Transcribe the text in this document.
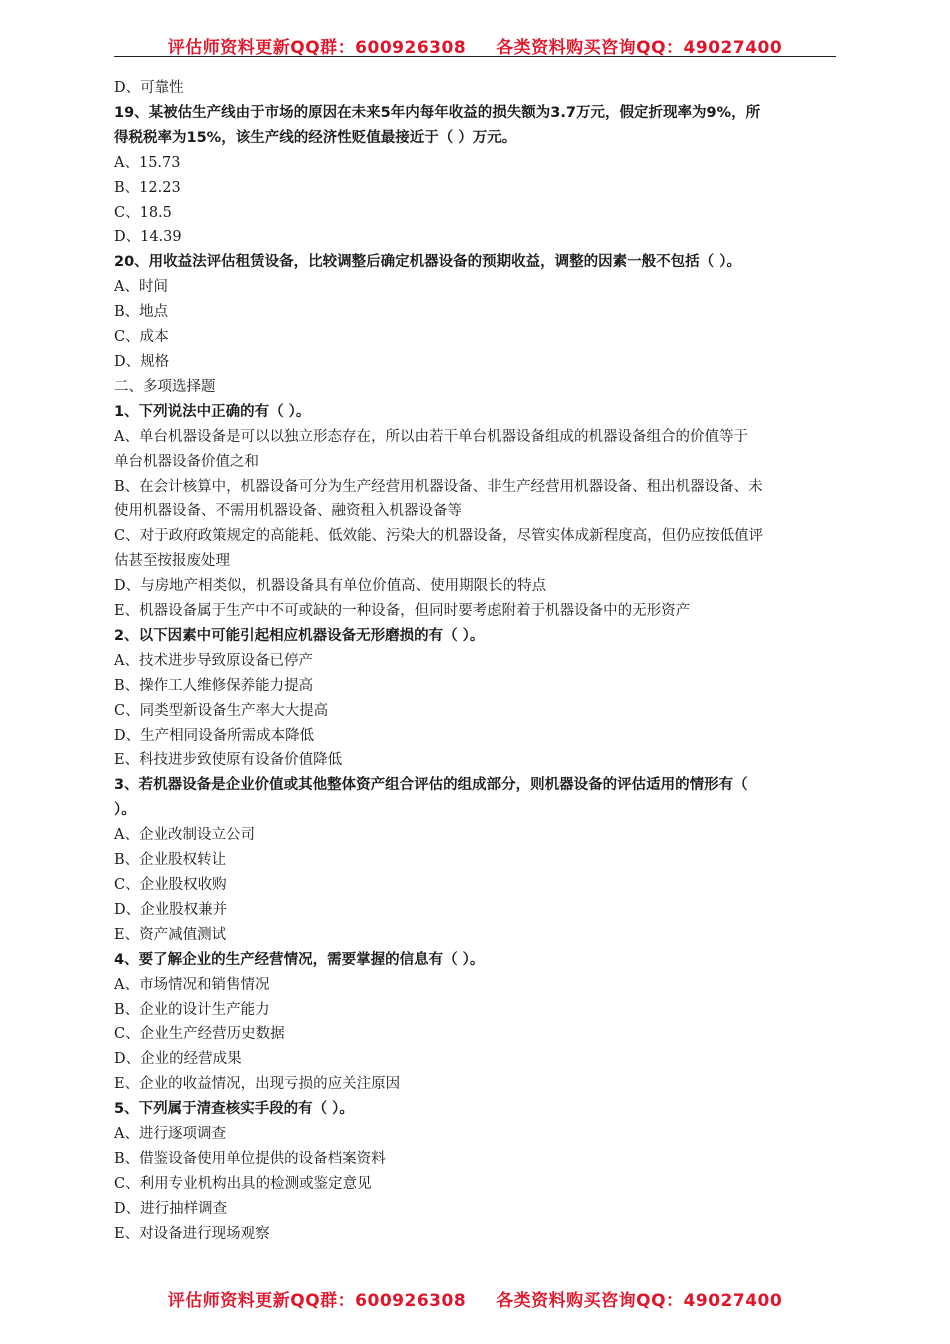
评估师资料更新QQ群：600926308 各类资料购买咨询QQ：49027400
D、可靠性
19、某被估生产线由于市场的原因在未来5年内每年收益的损失额为3.7万元，假定折现率为9%，所
得税税率为15%，该生产线的经济性贬值最接近于（ ）万元。
A、15.73
B、12.23
C、18.5
D、14.39
20、用收益法评估租赁设备，比较调整后确定机器设备的预期收益，调整的因素一般不包括（ ）。
A、时间
B、地点
C、成本
D、规格
二、多项选择题
1、下列说法中正确的有（ ）。
A、单台机器设备是可以以独立形态存在，所以由若干单台机器设备组成的机器设备组合的价值等于
单台机器设备价值之和
B、在会计核算中，机器设备可分为生产经营用机器设备、非生产经营用机器设备、租出机器设备、未
使用机器设备、不需用机器设备、融资租入机器设备等
C、对于政府政策规定的高能耗、低效能、污染大的机器设备，尽管实体成新程度高，但仍应按低值评
估甚至按报废处理
D、与房地产相类似，机器设备具有单位价值高、使用期限长的特点
E、机器设备属于生产中不可或缺的一种设备，但同时要考虑附着于机器设备中的无形资产
2、以下因素中可能引起相应机器设备无形磨损的有（ ）。
A、技术进步导致原设备已停产
B、操作工人维修保养能力提高
C、同类型新设备生产率大大提高
D、生产相同设备所需成本降低
E、科技进步致使原有设备价值降低
3、若机器设备是企业价值或其他整体资产组合评估的组成部分，则机器设备的评估适用的情形有（
）。
A、企业改制设立公司
B、企业股权转让
C、企业股权收购
D、企业股权兼并
E、资产减值测试
4、要了解企业的生产经营情况，需要掌握的信息有（ ）。
A、市场情况和销售情况
B、企业的设计生产能力
C、企业生产经营历史数据
D、企业的经营成果
E、企业的收益情况，出现亏损的应关注原因
5、下列属于清查核实手段的有（ ）。
A、进行逐项调查
B、借鉴设备使用单位提供的设备档案资料
C、利用专业机构出具的检测或鉴定意见
D、进行抽样调查
E、对设备进行现场观察
评估师资料更新QQ群：600926308 各类资料购买咨询QQ：49027400
